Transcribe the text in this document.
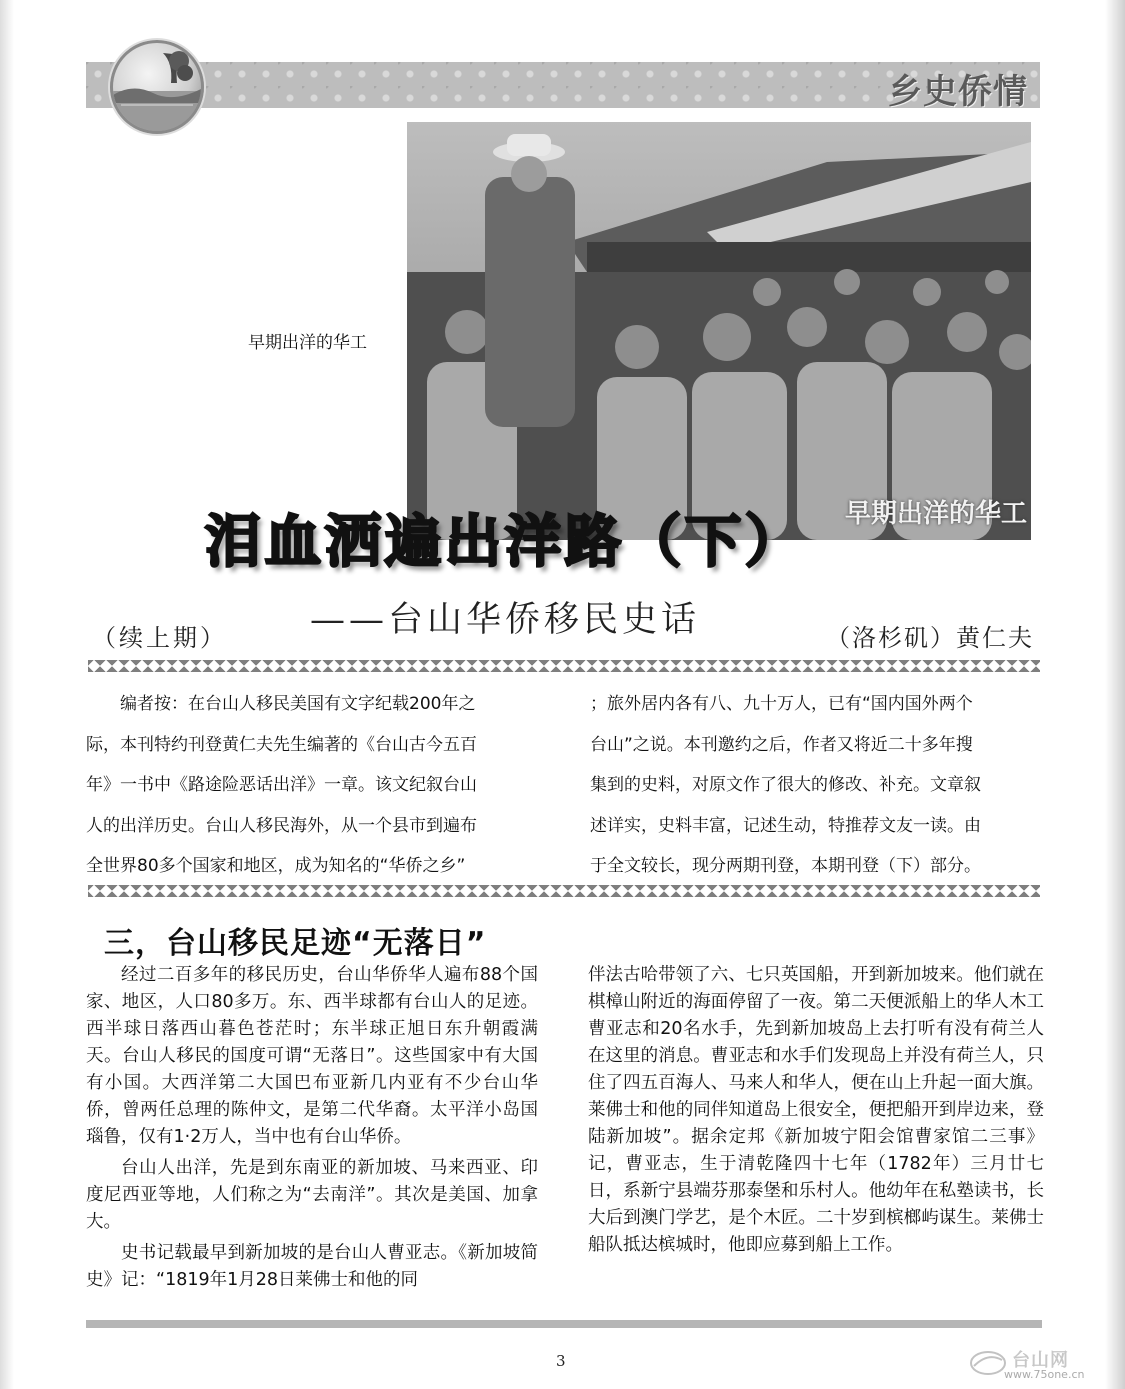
乡史侨情
早期出洋的华工
早期出洋的华工
泪血洒遍出洋路（下）
——台山华侨移民史话
（续上期）	（洛杉矶）黄仁夫
编者按：在台山人移民美国有文字纪载200年之
际，本刊特约刊登黄仁夫先生编著的《台山古今五百
年》一书中《路途险恶话出洋》一章。该文纪叙台山
人的出洋历史。台山人移民海外，从一个县市到遍布
全世界80多个国家和地区，成为知名的“华侨之乡”
；旅外居内各有八、九十万人，已有“国内国外两个
台山”之说。本刊邀约之后，作者又将近二十多年搜
集到的史料，对原文作了很大的修改、补充。文章叙
述详实，史料丰富，记述生动，特推荐文友一读。由
于全文较长，现分两期刊登，本期刊登（下）部分。
三，台山移民足迹“无落日”

经过二百多年的移民历史，台山华侨华人遍布88个国家、地区，人口80多万。东、西半球都有台山人的足迹。西半球日落西山暮色苍茫时；东半球正旭日东升朝霞满天。台山人移民的国度可谓“无落日”。这些国家中有大国有小国。大西洋第二大国巴布亚新几内亚有不少台山华侨，曾两任总理的陈仲文，是第二代华裔。太平洋小岛国瑙鲁，仅有1·2万人，当中也有台山华侨。

台山人出洋，先是到东南亚的新加坡、马来西亚、印度尼西亚等地，人们称之为“去南洋”。其次是美国、加拿大。

史书记载最早到新加坡的是台山人曹亚志。《新加坡简史》记：“1819年1月28日莱佛士和他的同

伴法古哈带领了六、七只英国船，开到新加坡来。他们就在棋樟山附近的海面停留了一夜。第二天便派船上的华人木工曹亚志和20名水手，先到新加坡岛上去打听有没有荷兰人在这里的消息。曹亚志和水手们发现岛上并没有荷兰人，只住了四五百海人、马来人和华人，便在山上升起一面大旗。莱佛士和他的同伴知道岛上很安全，便把船开到岸边来，登陆新加坡”。据余定邦《新加坡宁阳会馆曹家馆二三事》记，曹亚志，生于清乾隆四十七年（1782年）三月廿七日，系新宁县端芬那泰堡和乐村人。他幼年在私塾读书，长大后到澳门学艺，是个木匠。二十岁到槟榔屿谋生。莱佛士船队抵达槟城时，他即应募到船上工作。

3	台山网
www.75one.cn
